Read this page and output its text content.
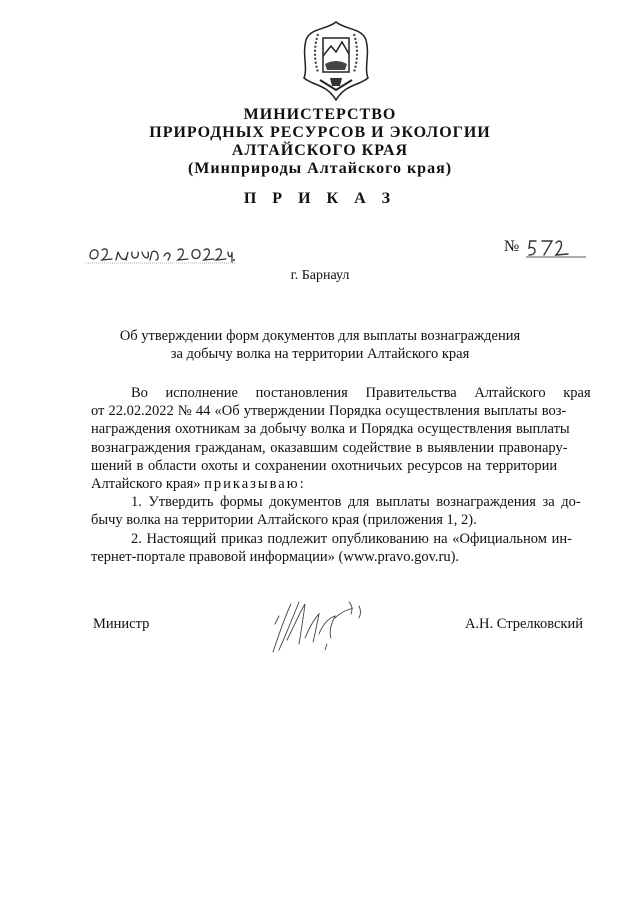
МИНИСТЕРСТВО
ПРИРОДНЫХ РЕСУРСОВ И ЭКОЛОГИИ
АЛТАЙСКОГО КРАЯ
(Минприроды Алтайского края)
П Р И К А З
№
г. Барнаул
Об утверждении форм документов для выплаты вознаграждения
за добычу волка на территории Алтайского края
Во исполнение постановления Правительства Алтайского края
от 22.02.2022 № 44 «Об утверждении Порядка осуществления выплаты воз-
награждения охотникам за добычу волка и Порядка осуществления выплаты
вознаграждения гражданам, оказавшим содействие в выявлении правонару-
шений в области охоты и сохранении охотничьих ресурсов на территории
Алтайского края»
приказываю:
1. Утвердить формы документов для выплаты вознаграждения за до-
бычу волка на территории Алтайского края (приложения 1, 2).
2. Настоящий приказ подлежит опубликованию на «Официальном ин-
тернет-портале правовой информации» (www.pravo.gov.ru).
Министр	А.Н. Стрелковский
